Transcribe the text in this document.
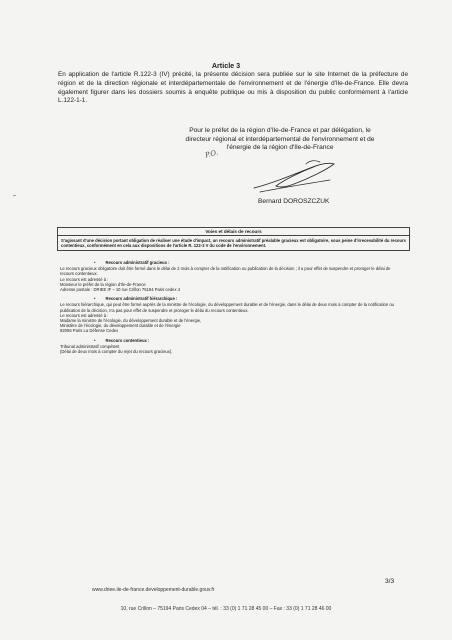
Article 3
En application de l'article R.122-3 (IV) précité, la présente décision sera publiée sur le site Internet de la préfecture de région et de la direction régionale et interdépartementale de l'environnement et de l'énergie d'Ile-de-France. Elle devra également figurer dans les dossiers soumis à enquête publique ou mis à disposition du public conformément à l'article L.122-1-1.
Pour le préfet de la région d'Ile-de-France et par délégation, le
directeur régional et interdépartemental de l'environnement et de
l'énergie de la région d'Ile-de-France
P.O.
Bernard DOROSZCZUK
Voies et délais de recours
S'agissant d'une décision portant obligation de réaliser une étude d'impact, un recours administratif préalable gracieux est obligatoire, sous peine d'irrecevabilité du recours contentieux, conformément en cela aux dispositions de l'article R. 122-3 V du code de l'environnement.
• Recours administratif gracieux :
Le recours gracieux obligatoire doit être formé dans le délai de 2 mois à compter de la notification ou publication de la décision ; il a pour effet de suspendre et proroger le délai de recours contentieux.
Le recours est adressé à :
Monsieur le préfet de la région d'Ile-de-France
Adresse postale : DRIEE IF – 10 rue Crillon 75194 Paris cedex 4
• Recours administratif hiérarchique :
Le recours hiérarchique, qui peut être formé auprès de la ministre de l'écologie, du développement durable et de l'énergie, dans le délai de deux mois à compter de la notification ou publication de la décision, n'a pas pour effet de suspendre et proroger le délai du recours contentieux.
Le recours est adressé à :
Madame la ministre de l'écologie, du développement durable et de l'énergie,
Ministère de l'écologie, du développement durable et de l'énergie
92055 Paris La Défense Cedex
• Recours contentieux :
Tribunal administratif compétent
(Délai de deux mois à compter du rejet du recours gracieux).
3/3
www.driee.ile-de-france.developpement-durable.gouv.fr
10, rue Crillon – 75194 Paris Cedex 04 – tél. : 33 (0) 1 71 28 45 00 – Fax : 33 (0) 1 71 28 46 00
